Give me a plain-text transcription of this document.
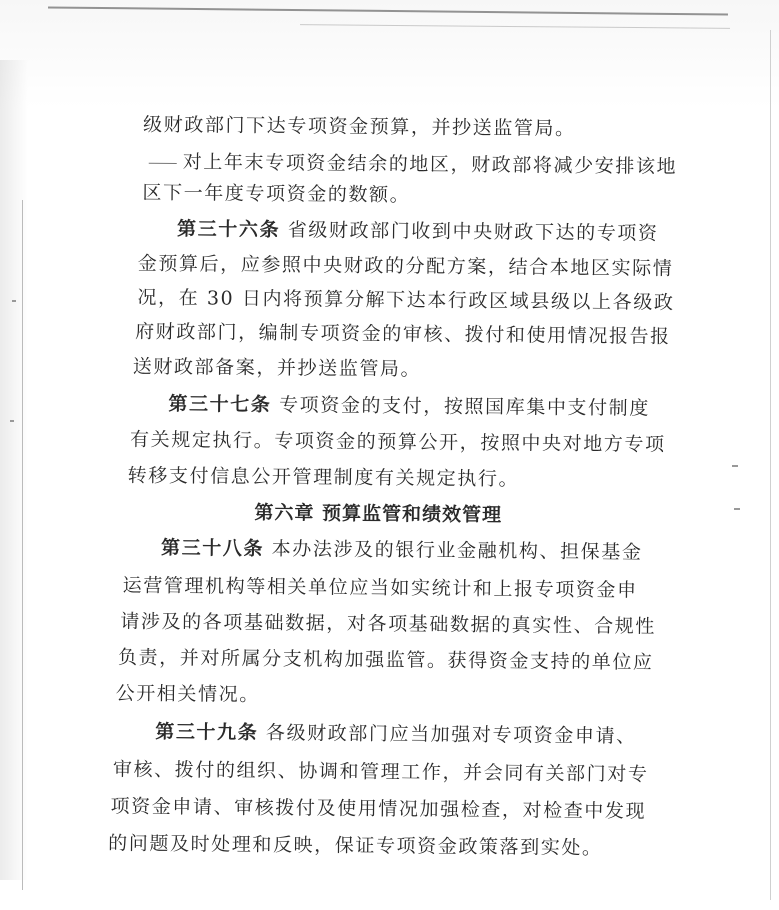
级财政部门下达专项资金预算，并抄送监管局。
对上年末专项资金结余的地区，财政部将减少安排该地
区下一年度专项资金的数额。
第三十六条 省级财政部门收到中央财政下达的专项资
金预算后，应参照中央财政的分配方案，结合本地区实际情
况，在 30 日内将预算分解下达本行政区域县级以上各级政
府财政部门，编制专项资金的审核、拨付和使用情况报告报
送财政部备案，并抄送监管局。
第三十七条 专项资金的支付，按照国库集中支付制度
有关规定执行。专项资金的预算公开，按照中央对地方专项
转移支付信息公开管理制度有关规定执行。
第六章 预算监管和绩效管理
第三十八条 本办法涉及的银行业金融机构、担保基金
运营管理机构等相关单位应当如实统计和上报专项资金申
请涉及的各项基础数据，对各项基础数据的真实性、合规性
负责，并对所属分支机构加强监管。获得资金支持的单位应
公开相关情况。
第三十九条 各级财政部门应当加强对专项资金申请、
审核、拨付的组织、协调和管理工作，并会同有关部门对专
项资金申请、审核拨付及使用情况加强检查，对检查中发现
的问题及时处理和反映，保证专项资金政策落到实处。
